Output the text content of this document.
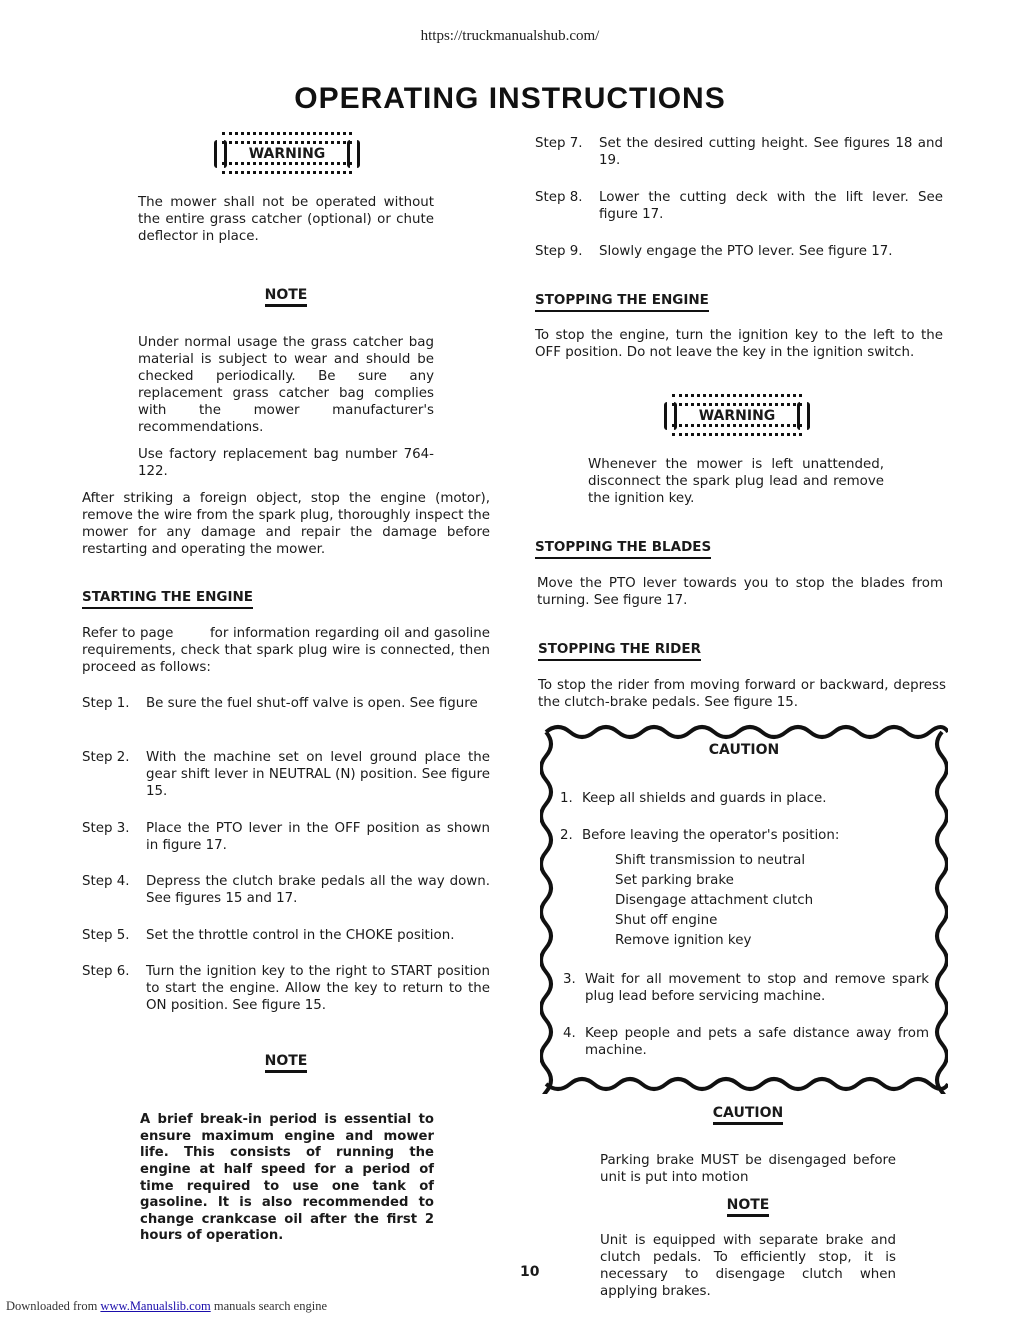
https://truckmanualshub.com/
OPERATING INSTRUCTIONS
WARNING

The mower shall not be operated without the entire grass catcher (optional) or chute deflector in place.

NOTE

Under normal usage the grass catcher bag material is subject to wear and should be checked periodically. Be sure any replacement grass catcher bag complies with the mower manufacturer's recommendations.

Use factory replacement bag number 764-122.

After striking a foreign object, stop the engine (motor), remove the wire from the spark plug, thoroughly inspect the mower for any damage and repair the damage before restarting and operating the mower.

STARTING THE ENGINE

Refer to page        for information regarding oil and gasoline requirements, check that spark plug wire is connected, then proceed as follows:

Step 1.	Be sure the fuel shut-off valve is open. See figure
Step 2.	With the machine set on level ground place the gear shift lever in NEUTRAL (N) position. See figure 15.
Step 3.	Place the PTO lever in the OFF position as shown in figure 17.
Step 4.	Depress the clutch brake pedals all the way down. See figures 15 and 17.
Step 5.	Set the throttle control in the CHOKE position.
Step 6.	Turn the ignition key to the right to START position to start the engine. Allow the key to return to the ON position. See figure 15.
NOTE

A brief break-in period is essential to ensure maximum engine and mower life. This consists of running the engine at half speed for a period of time required to use one tank of gasoline. It is also recommended to change crankcase oil after the first 2 hours of operation.

Step 7.	Set the desired cutting height. See figures 18 and 19.
Step 8.	Lower the cutting deck with the lift lever. See figure 17.
Step 9.	Slowly engage the PTO lever. See figure 17.
STOPPING THE ENGINE

To stop the engine, turn the ignition key to the left to the OFF position. Do not leave the key in the ignition switch.

WARNING

Whenever the mower is left unattended, disconnect the spark plug lead and remove the ignition key.

STOPPING THE BLADES

Move the PTO lever towards you to stop the blades from turning. See figure 17.

STOPPING THE RIDER

To stop the rider from moving forward or backward, depress the clutch-brake pedals. See figure 15.

CAUTION
1. Keep all shields and guards in place.
2. Before leaving the operator's position:
Shift transmission to neutral
Set parking brake
Disengage attachment clutch
Shut off engine
Remove ignition key
3. Wait for all movement to stop and remove spark plug lead before servicing machine.
4. Keep people and pets a safe distance away from machine.
CAUTION

Parking brake MUST be disengaged before unit is put into motion

NOTE

Unit is equipped with separate brake and clutch pedals. To efficiently stop, it is necessary to disengage clutch when applying brakes.

10
Downloaded from www.Manualslib.com manuals search engine
